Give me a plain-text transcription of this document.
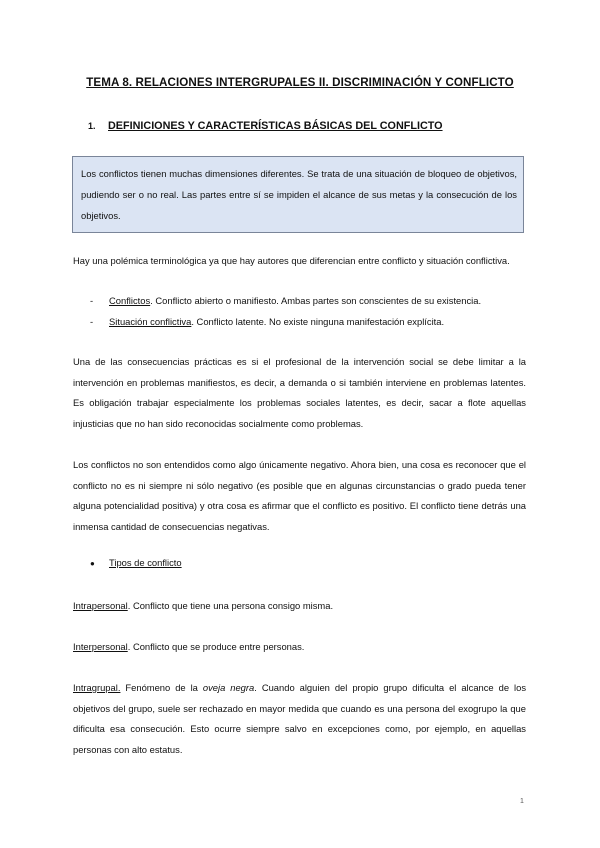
TEMA 8. RELACIONES INTERGRUPALES II. DISCRIMINACIÓN Y CONFLICTO
1. DEFINICIONES Y CARACTERÍSTICAS BÁSICAS DEL CONFLICTO
Los conflictos tienen muchas dimensiones diferentes. Se trata de una situación de bloqueo de objetivos, pudiendo ser o no real. Las partes entre sí se impiden el alcance de sus metas y la consecución de los objetivos.
Hay una polémica terminológica ya que hay autores que diferencian entre conflicto y situación conflictiva.
- Conflictos. Conflicto abierto o manifiesto. Ambas partes son conscientes de su existencia.
- Situación conflictiva. Conflicto latente. No existe ninguna manifestación explícita.
Una de las consecuencias prácticas es si el profesional de la intervención social se debe limitar a la intervención en problemas manifiestos, es decir, a demanda o si también interviene en problemas latentes. Es obligación trabajar especialmente los problemas sociales latentes, es decir, sacar a flote aquellas injusticias que no han sido reconocidas socialmente como problemas.
Los conflictos no son entendidos como algo únicamente negativo. Ahora bien, una cosa es reconocer que el conflicto no es ni siempre ni sólo negativo (es posible que en algunas circunstancias o grado pueda tener alguna potencialidad positiva) y otra cosa es afirmar que el conflicto es positivo. El conflicto tiene detrás una inmensa cantidad de consecuencias negativas.
● Tipos de conflicto
Intrapersonal. Conflicto que tiene una persona consigo misma.
Interpersonal. Conflicto que se produce entre personas.
Intragrupal. Fenómeno de la oveja negra. Cuando alguien del propio grupo dificulta el alcance de los objetivos del grupo, suele ser rechazado en mayor medida que cuando es una persona del exogrupo la que dificulta esa consecución. Esto ocurre siempre salvo en excepciones como, por ejemplo, en aquellas personas con alto estatus.
1
